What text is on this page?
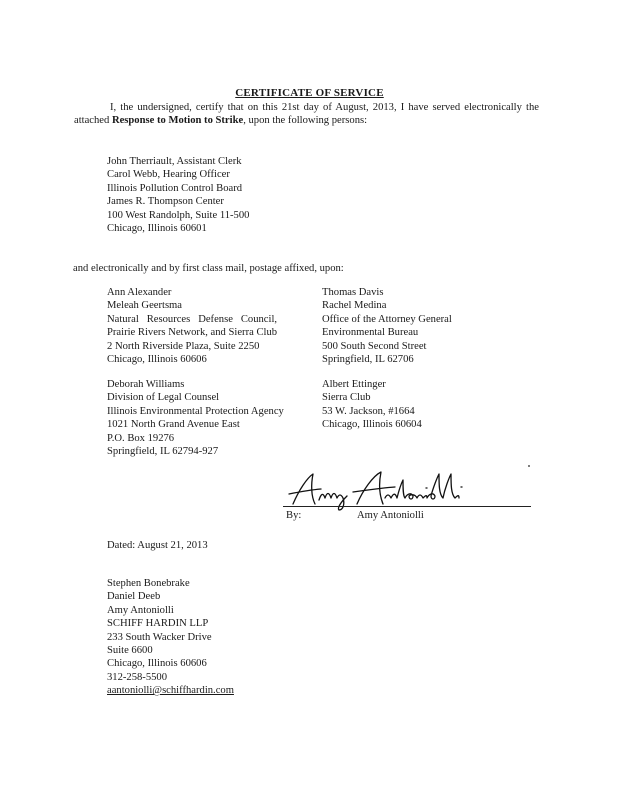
CERTIFICATE OF SERVICE
I, the undersigned, certify that on this 21st day of August, 2013, I have served electronically the attached Response to Motion to Strike, upon the following persons:
John Therriault, Assistant Clerk
Carol Webb, Hearing Officer
Illinois Pollution Control Board
James R. Thompson Center
100 West Randolph, Suite 11-500
Chicago, Illinois 60601
and electronically and by first class mail, postage affixed, upon:
Ann Alexander
Meleah Geertsma
Natural   Resources   Defense   Council,
Prairie Rivers Network, and Sierra Club
2 North Riverside Plaza, Suite 2250
Chicago, Illinois 60606
Thomas Davis
Rachel Medina
Office of the Attorney General
Environmental Bureau
500 South Second Street
Springfield, IL 62706
Deborah Williams
Division of Legal Counsel
Illinois Environmental Protection Agency
1021 North Grand Avenue East
P.O. Box 19276
Springfield, IL 62794-927
Albert Ettinger
Sierra Club
53 W. Jackson, #1664
Chicago, Illinois 60604
By:	Amy Antoniolli
Dated: August 21, 2013
Stephen Bonebrake
Daniel Deeb
Amy Antoniolli
SCHIFF HARDIN LLP
233 South Wacker Drive
Suite 6600
Chicago, Illinois 60606
312-258-5500
aantoniolli@schiffhardin.com
